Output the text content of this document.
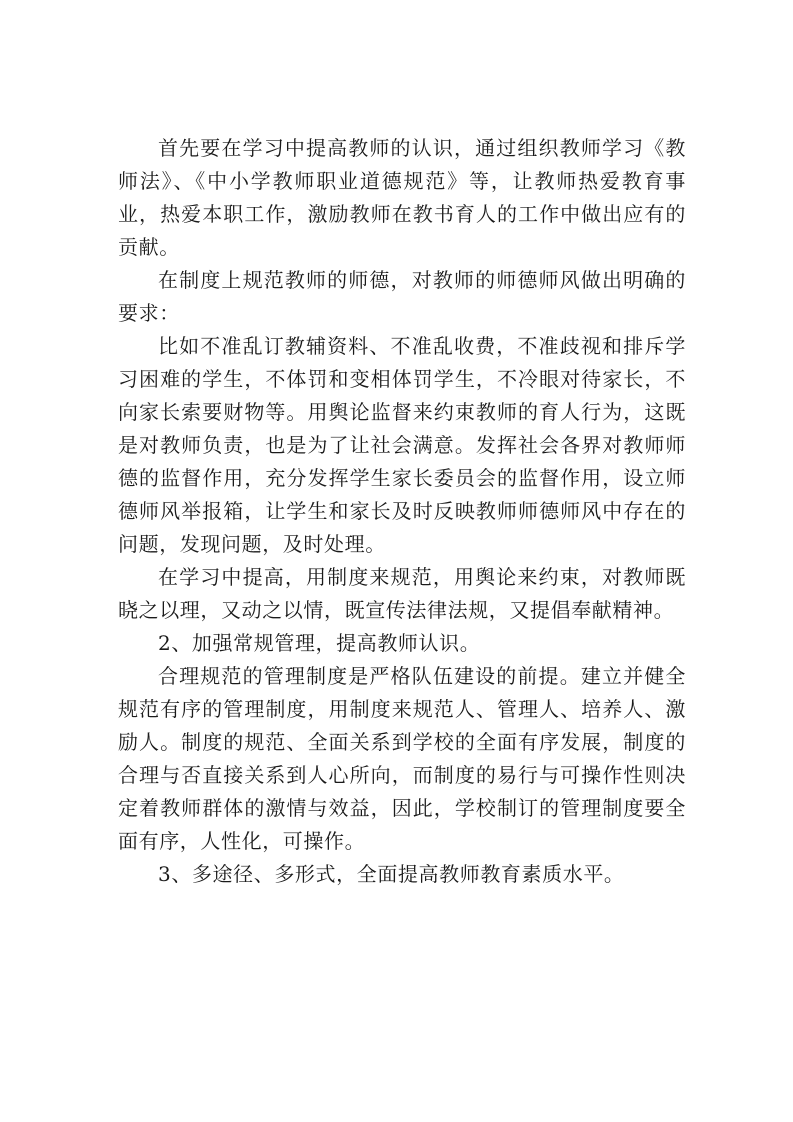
首先要在学习中提高教师的认识，通过组织教师学习《教师法》、《中小学教师职业道德规范》等，让教师热爱教育事业，热爱本职工作，激励教师在教书育人的工作中做出应有的贡献。

在制度上规范教师的师德，对教师的师德师风做出明确的要求：

比如不准乱订教辅资料、不准乱收费，不准歧视和排斥学习困难的学生，不体罚和变相体罚学生，不冷眼对待家长，不向家长索要财物等。用舆论监督来约束教师的育人行为，这既是对教师负责，也是为了让社会满意。发挥社会各界对教师师德的监督作用，充分发挥学生家长委员会的监督作用，设立师德师风举报箱，让学生和家长及时反映教师师德师风中存在的问题，发现问题，及时处理。

在学习中提高，用制度来规范，用舆论来约束，对教师既晓之以理，又动之以情，既宣传法律法规，又提倡奉献精神。

2、加强常规管理，提高教师认识。

合理规范的管理制度是严格队伍建设的前提。建立并健全规范有序的管理制度，用制度来规范人、管理人、培养人、激励人。制度的规范、全面关系到学校的全面有序发展，制度的合理与否直接关系到人心所向，而制度的易行与可操作性则决定着教师群体的激情与效益，因此，学校制订的管理制度要全面有序，人性化，可操作。

3、多途径、多形式，全面提高教师教育素质水平。
